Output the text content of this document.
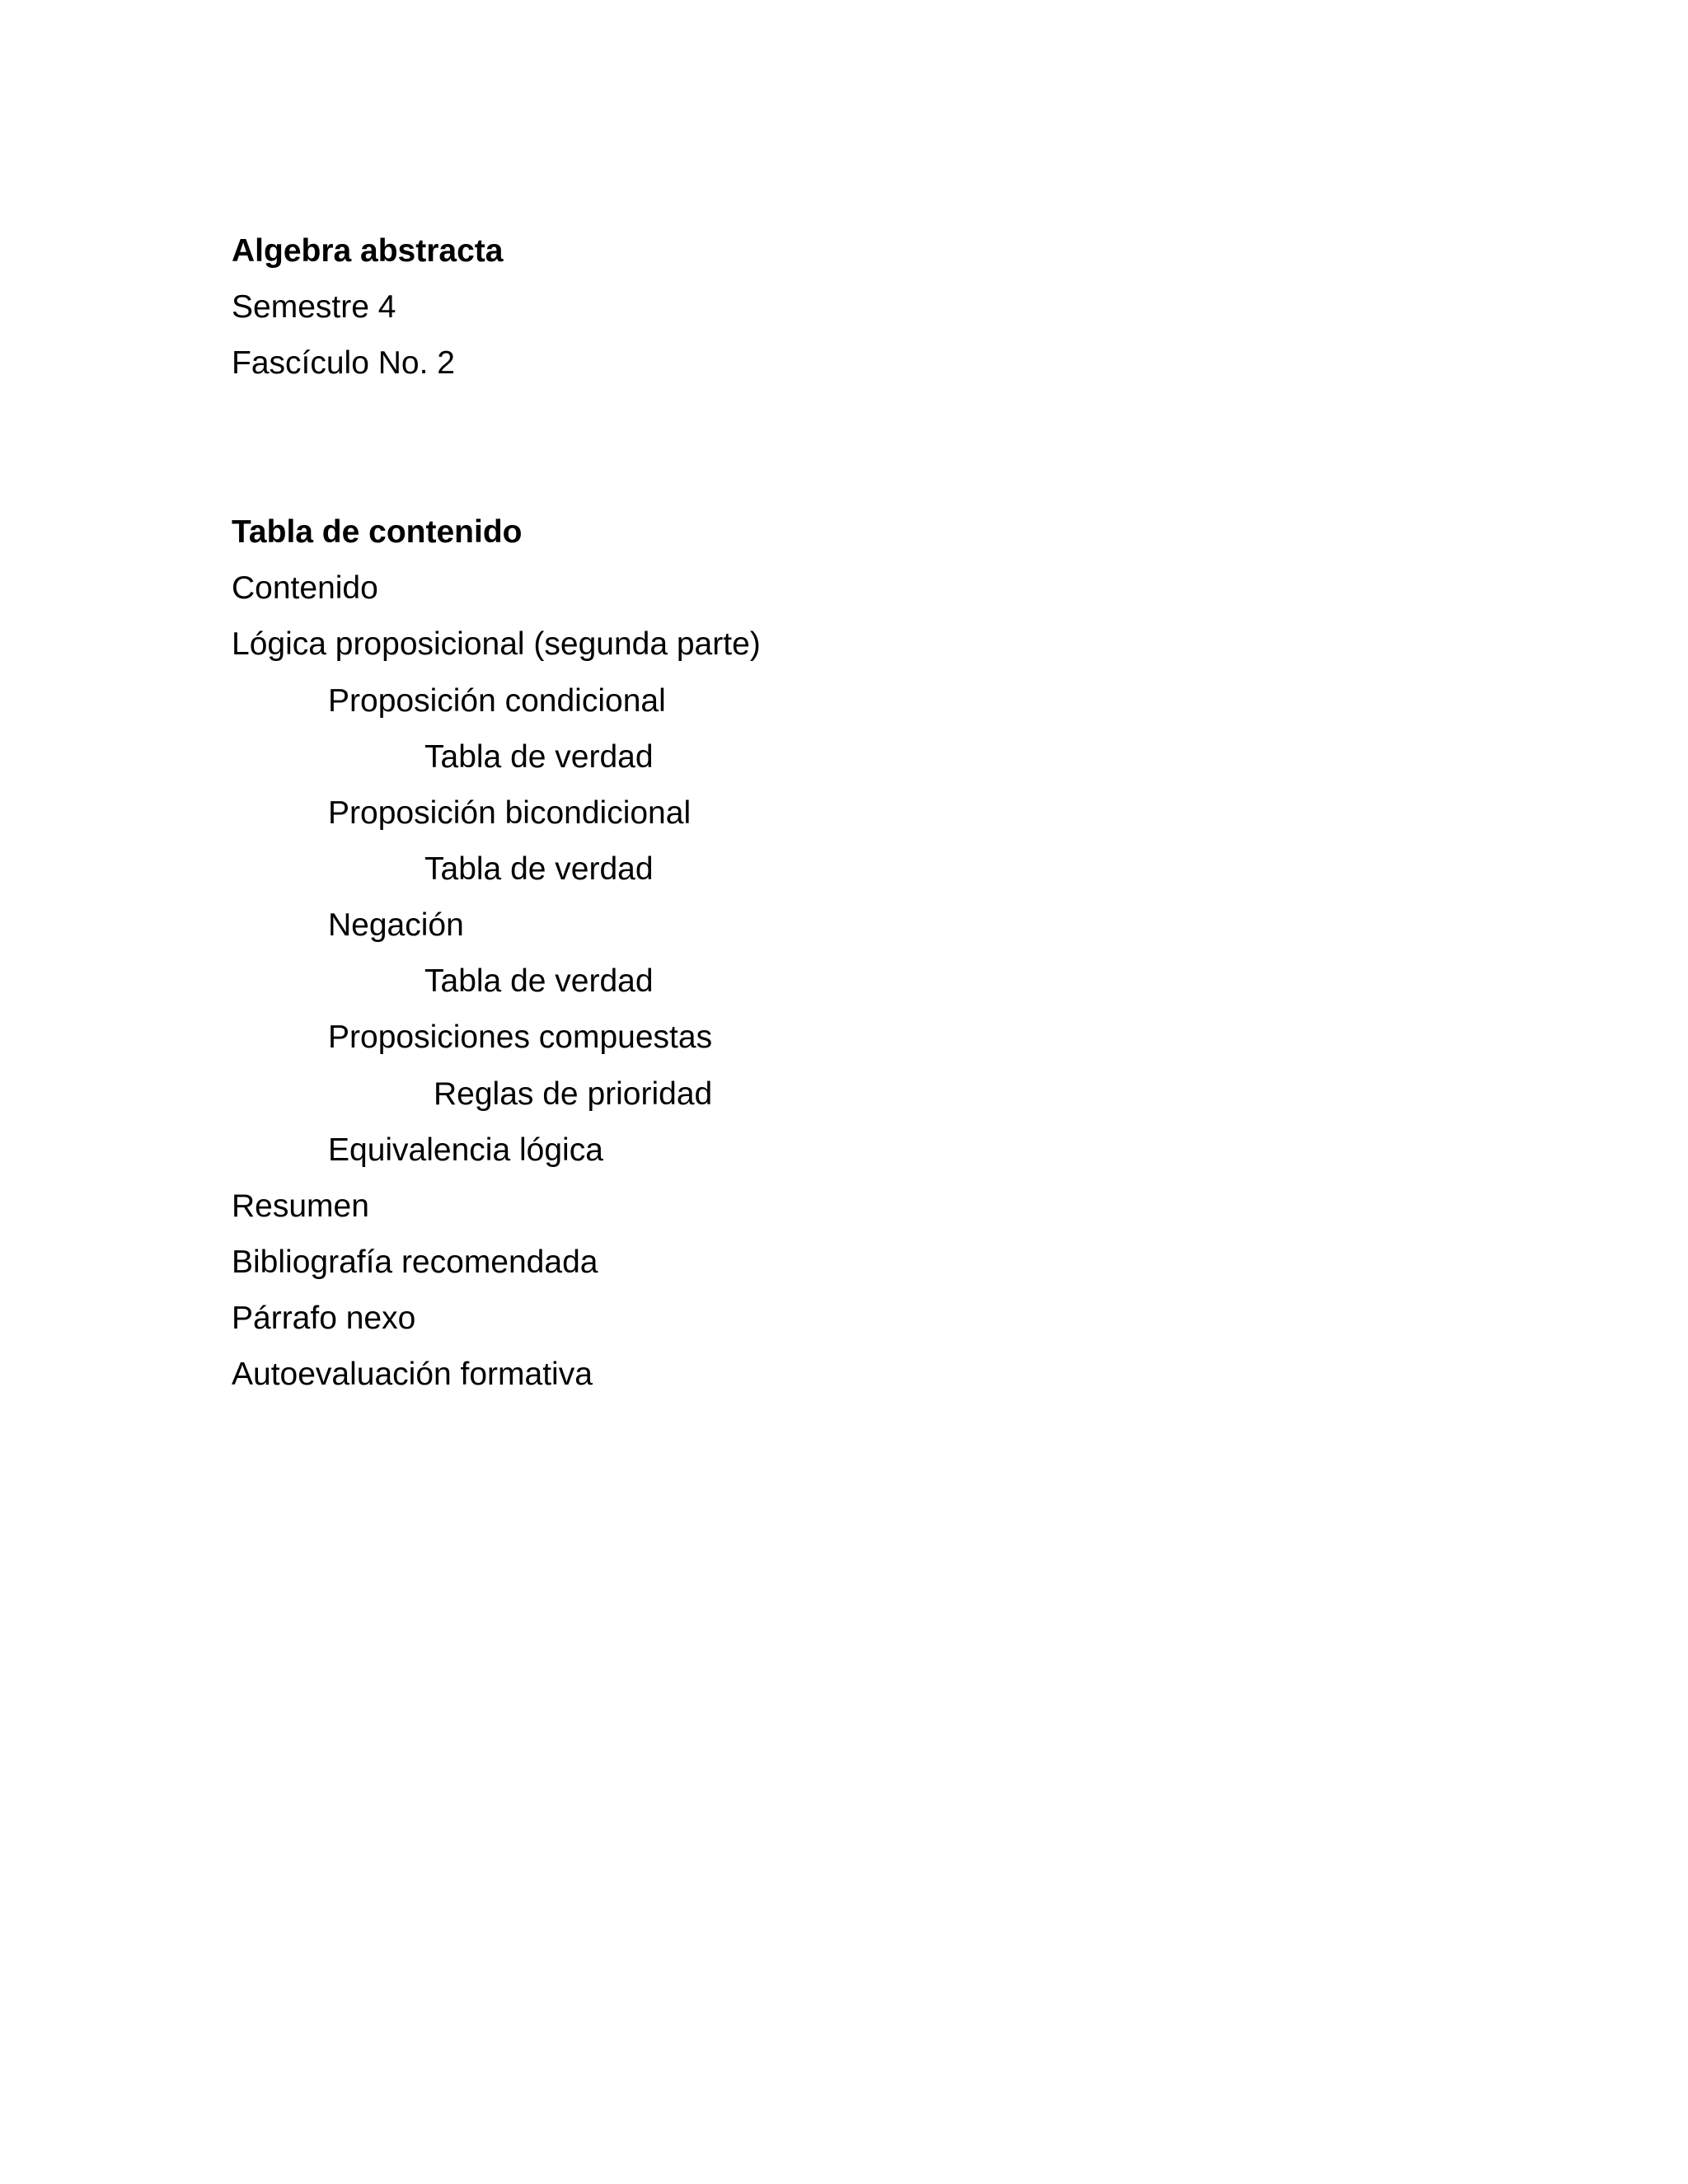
Algebra abstracta
Semestre 4
Fascículo No. 2
Tabla de contenido
Contenido
Lógica proposicional (segunda parte)
Proposición condicional
Tabla de verdad
Proposición bicondicional
Tabla de verdad
Negación
Tabla de verdad
Proposiciones compuestas
Reglas de prioridad
Equivalencia lógica
Resumen
Bibliografía recomendada
Párrafo nexo
Autoevaluación formativa
